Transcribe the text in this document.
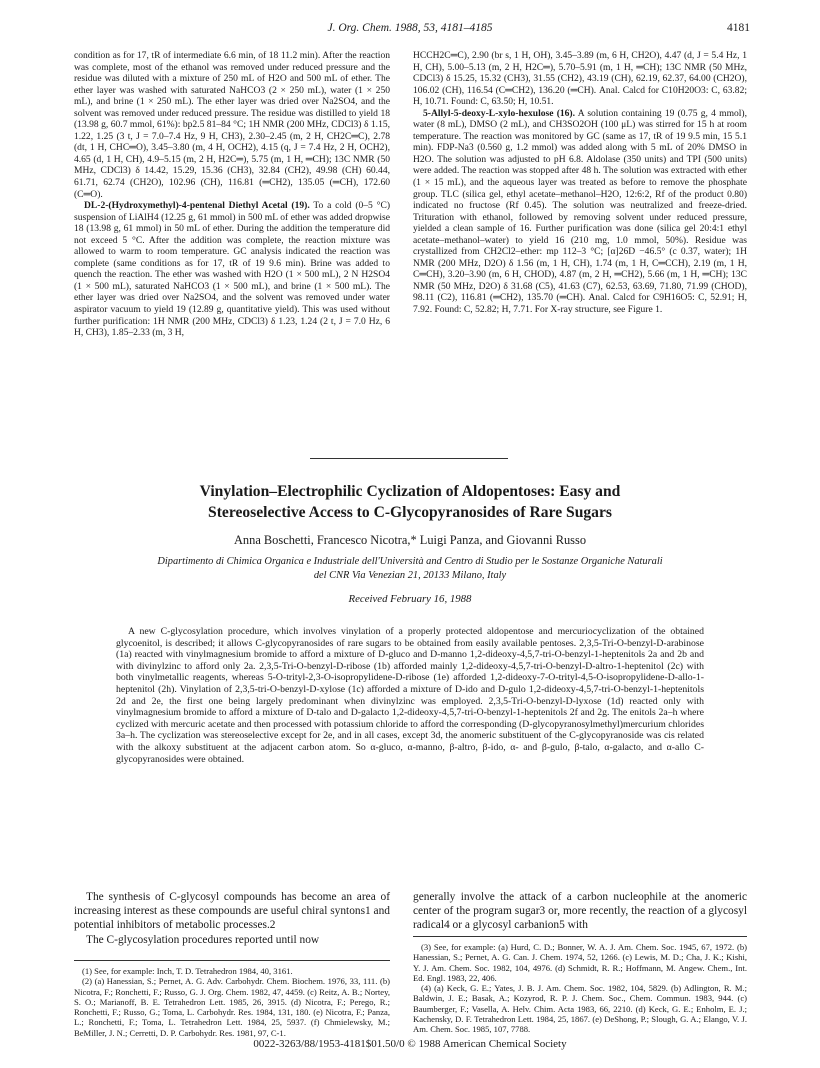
J. Org. Chem. 1988, 53, 4181–4185	4181

condition as for 17, tR of intermediate 6.6 min, of 18 11.2 min). After the reaction was complete, most of the ethanol was removed under reduced pressure and the residue was diluted with a mixture of 250 mL of H2O and 500 mL of ether. The ether layer was washed with saturated NaHCO3 (2 × 250 mL), water (1 × 250 mL), and brine (1 × 250 mL). The ether layer was dried over Na2SO4, and the solvent was removed under reduced pressure. The residue was distilled to yield 18 (13.98 g, 60.7 mmol, 61%): bp2.5 81–84 °C; 1H NMR (200 MHz, CDCl3) δ 1.15, 1.22, 1.25 (3 t, J = 7.0–7.4 Hz, 9 H, CH3), 2.30–2.45 (m, 2 H, CH2C═C), 2.78 (dt, 1 H, CHC═O), 3.45–3.80 (m, 4 H, OCH2), 4.15 (q, J = 7.4 Hz, 2 H, OCH2), 4.65 (d, 1 H, CH), 4.9–5.15 (m, 2 H, H2C═), 5.75 (m, 1 H, ═CH); 13C NMR (50 MHz, CDCl3) δ 14.42, 15.29, 15.36 (CH3), 32.84 (CH2), 49.98 (CH) 60.44, 61.71, 62.74 (CH2O), 102.96 (CH), 116.81 (═CH2), 135.05 (═CH), 172.60 (C═O).

DL-2-(Hydroxymethyl)-4-pentenal Diethyl Acetal (19). To a cold (0–5 °C) suspension of LiAlH4 (12.25 g, 61 mmol) in 500 mL of ether was added dropwise 18 (13.98 g, 61 mmol) in 50 mL of ether. During the addition the temperature did not exceed 5 °C. After the addition was complete, the reaction mixture was allowed to warm to room temperature. GC analysis indicated the reaction was complete (same conditions as for 17, tR of 19 9.6 min). Brine was added to quench the reaction. The ether was washed with H2O (1 × 500 mL), 2 N H2SO4 (1 × 500 mL), saturated NaHCO3 (1 × 500 mL), and brine (1 × 500 mL). The ether layer was dried over Na2SO4, and the solvent was removed under water aspirator vacuum to yield 19 (12.89 g, quantitative yield). This was used without further purification: 1H NMR (200 MHz, CDCl3) δ 1.23, 1.24 (2 t, J = 7.0 Hz, 6 H, CH3), 1.85–2.33 (m, 3 H,

HCCH2C═C), 2.90 (br s, 1 H, OH), 3.45–3.89 (m, 6 H, CH2O), 4.47 (d, J = 5.4 Hz, 1 H, CH), 5.00–5.13 (m, 2 H, H2C═), 5.70–5.91 (m, 1 H, ═CH); 13C NMR (50 MHz, CDCl3) δ 15.25, 15.32 (CH3), 31.55 (CH2), 43.19 (CH), 62.19, 62.37, 64.00 (CH2O), 106.02 (CH), 116.54 (C═CH2), 136.20 (═CH). Anal. Calcd for C10H20O3: C, 63.82; H, 10.71. Found: C, 63.50; H, 10.51.

5-Allyl-5-deoxy-L-xylo-hexulose (16). A solution containing 19 (0.75 g, 4 mmol), water (8 mL), DMSO (2 mL), and CH3SO2OH (100 μL) was stirred for 15 h at room temperature. The reaction was monitored by GC (same as 17, tR of 19 9.5 min, 15 5.1 min). FDP-Na3 (0.560 g, 1.2 mmol) was added along with 5 mL of 20% DMSO in H2O. The solution was adjusted to pH 6.8. Aldolase (350 units) and TPI (500 units) were added. The reaction was stopped after 48 h. The solution was extracted with ether (1 × 15 mL), and the aqueous layer was treated as before to remove the phosphate group. TLC (silica gel, ethyl acetate–methanol–H2O, 12:6:2, Rf of the product 0.80) indicated no fructose (Rf 0.45). The solution was neutralized and freeze-dried. Trituration with ethanol, followed by removing solvent under reduced pressure, yielded a clean sample of 16. Further purification was done (silica gel 20:4:1 ethyl acetate–methanol–water) to yield 16 (210 mg, 1.0 mmol, 50%). Residue was crystallized from CH2Cl2–ether: mp 112–3 °C; [α]26D −46.5° (c 0.37, water); 1H NMR (200 MHz, D2O) δ 1.56 (m, 1 H, CH), 1.74 (m, 1 H, C═CCH), 2.19 (m, 1 H, C═CH), 3.20–3.90 (m, 6 H, CHOD), 4.87 (m, 2 H, ═CH2), 5.66 (m, 1 H, ═CH); 13C NMR (50 MHz, D2O) δ 31.68 (C5), 41.63 (C7), 62.53, 63.69, 71.80, 71.99 (CHOD), 98.11 (C2), 116.81 (═CH2), 135.70 (═CH). Anal. Calcd for C9H16O5: C, 52.91; H, 7.92. Found: C, 52.82; H, 7.71. For X-ray structure, see Figure 1.

Vinylation–Electrophilic Cyclization of Aldopentoses: Easy and
Stereoselective Access to C-Glycopyranosides of Rare Sugars
Anna Boschetti, Francesco Nicotra,* Luigi Panza, and Giovanni Russo
Dipartimento di Chimica Organica e Industriale dell'Università and Centro di Studio per le Sostanze Organiche Naturali del CNR Via Venezian 21, 20133 Milano, Italy
Received February 16, 1988
A new C-glycosylation procedure, which involves vinylation of a properly protected aldopentose and mercuriocyclization of the obtained glycoenitol, is described; it allows C-glycopyranosides of rare sugars to be obtained from easily available pentoses. 2,3,5-Tri-O-benzyl-D-arabinose (1a) reacted with vinylmagnesium bromide to afford a mixture of D-gluco and D-manno 1,2-dideoxy-4,5,7-tri-O-benzyl-1-heptenitols 2a and 2b and with divinylzinc to afford only 2a. 2,3,5-Tri-O-benzyl-D-ribose (1b) afforded mainly 1,2-dideoxy-4,5,7-tri-O-benzyl-D-altro-1-heptenitol (2c) with both vinylmetallic reagents, whereas 5-O-trityl-2,3-O-isopropylidene-D-ribose (1e) afforded 1,2-dideoxy-7-O-trityl-4,5-O-isopropylidene-D-allo-1-heptenitol (2h). Vinylation of 2,3,5-tri-O-benzyl-D-xylose (1c) afforded a mixture of D-ido and D-gulo 1,2-dideoxy-4,5,7-tri-O-benzyl-1-heptenitols 2d and 2e, the first one being largely predominant when divinylzinc was employed. 2,3,5-Tri-O-benzyl-D-lyxose (1d) reacted only with vinylmagnesium bromide to afford a mixture of D-talo and D-galacto 1,2-dideoxy-4,5,7-tri-O-benzyl-1-heptenitols 2f and 2g. The enitols 2a–h where cyclized with mercuric acetate and then processed with potassium chloride to afford the corresponding (D-glycopyranosylmethyl)mercurium chlorides 3a–h. The cyclization was stereoselective except for 2e, and in all cases, except 3d, the anomeric substituent of the C-glycopyranoside was cis related with the alkoxy substituent at the adjacent carbon atom. So α-gluco, α-manno, β-altro, β-ido, α- and β-gulo, β-talo, α-galacto, and α-allo C-glycopyranosides were obtained.

The synthesis of C-glycosyl compounds has become an area of increasing interest as these compounds are useful chiral syntons1 and potential inhibitors of metabolic processes.2

The C-glycosylation procedures reported until now

generally involve the attack of a carbon nucleophile at the anomeric center of the program sugar3 or, more recently, the reaction of a glycosyl radical4 or a glycosyl carbanion5 with

(1) See, for example: Inch, T. D. Tetrahedron 1984, 40, 3161.

(2) (a) Hanessian, S.; Pernet, A. G. Adv. Carbohydr. Chem. Biochem. 1976, 33, 111. (b) Nicotra, F.; Ronchetti, F.; Russo, G. J. Org. Chem. 1982, 47, 4459. (c) Reitz, A. B.; Nortey, S. O.; Marianoff, B. E. Tetrahedron Lett. 1985, 26, 3915. (d) Nicotra, F.; Perego, R.; Ronchetti, F.; Russo, G.; Toma, L. Carbohydr. Res. 1984, 131, 180. (e) Nicotra, F.; Panza, L.; Ronchetti, F.; Toma, L. Tetrahedron Lett. 1984, 25, 5937. (f) Chmielewsky, M.; BeMiller, J. N.; Cerretti, D. P. Carbohydr. Res. 1981, 97, C-1.

(3) See, for example: (a) Hurd, C. D.; Bonner, W. A. J. Am. Chem. Soc. 1945, 67, 1972. (b) Hanessian, S.; Pernet, A. G. Can. J. Chem. 1974, 52, 1266. (c) Lewis, M. D.; Cha, J. K.; Kishi, Y. J. Am. Chem. Soc. 1982, 104, 4976. (d) Schmidt, R. R.; Hoffmann, M. Angew. Chem., Int. Ed. Engl. 1983, 22, 406.

(4) (a) Keck, G. E.; Yates, J. B. J. Am. Chem. Soc. 1982, 104, 5829. (b) Adlington, R. M.; Baldwin, J. E.; Basak, A.; Kozyrod, R. P. J. Chem. Soc., Chem. Commun. 1983, 944. (c) Baumberger, F.; Vasella, A. Helv. Chim. Acta 1983, 66, 2210. (d) Keck, G. E.; Enholm, E. J.; Kachensky, D. F. Tetrahedron Lett. 1984, 25, 1867. (e) DeShong, P.; Slough, G. A.; Elango, V. J. Am. Chem. Soc. 1985, 107, 7788.

0022-3263/88/1953-4181$01.50/0 © 1988 American Chemical Society
